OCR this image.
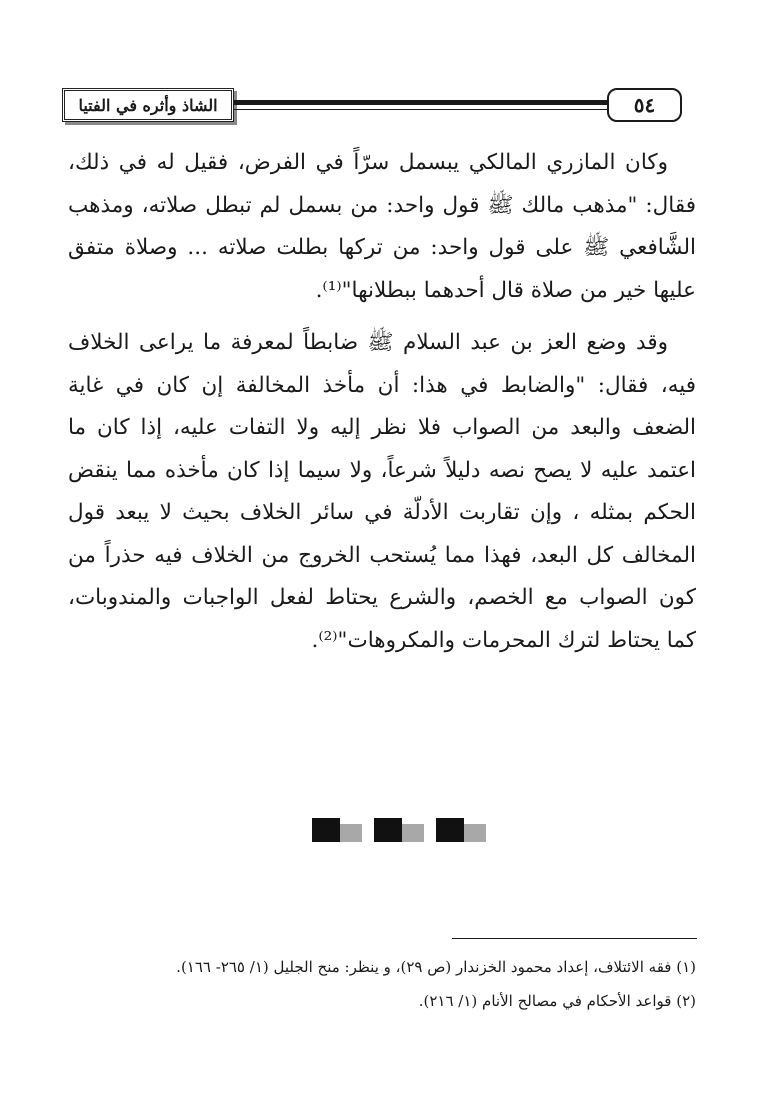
الشاذ وأثره في الفتيا	٥٤

وكان المازري المالكي يبسمل سرّاً في الفرض، فقيل له في ذلك، فقال: "مذهب مالك ﷺ قول واحد: من بسمل لم تبطل صلاته، ومذهب الشَّافعي ﷺ على قول واحد: من تركها بطلت صلاته ... وصلاة متفق عليها خير من صلاة قال أحدهما ببطلانها"⁽¹⁾.

وقد وضع العز بن عبد السلام ﷺ ضابطاً لمعرفة ما يراعى الخلاف فيه، فقال: "والضابط في هذا: أن مأخذ المخالفة إن كان في غاية الضعف والبعد من الصواب فلا نظر إليه ولا التفات عليه، إذا كان ما اعتمد عليه لا يصح نصه دليلاً شرعاً، ولا سيما إذا كان مأخذه مما ينقض الحكم بمثله ، وإن تقاربت الأدلّة في سائر الخلاف بحيث لا يبعد قول المخالف كل البعد، فهذا مما يُستحب الخروج من الخلاف فيه حذراً من كون الصواب مع الخصم، والشرع يحتاط لفعل الواجبات والمندوبات، كما يحتاط لترك المحرمات والمكروهات"⁽²⁾.

(١) فقه الائتلاف، إعداد محمود الخزندار (ص ٢٩)، و ينظر: منح الجليل (١/ ٢٦٥- ١٦٦).

(٢) قواعد الأحكام في مصالح الأنام (١/ ٢١٦).
